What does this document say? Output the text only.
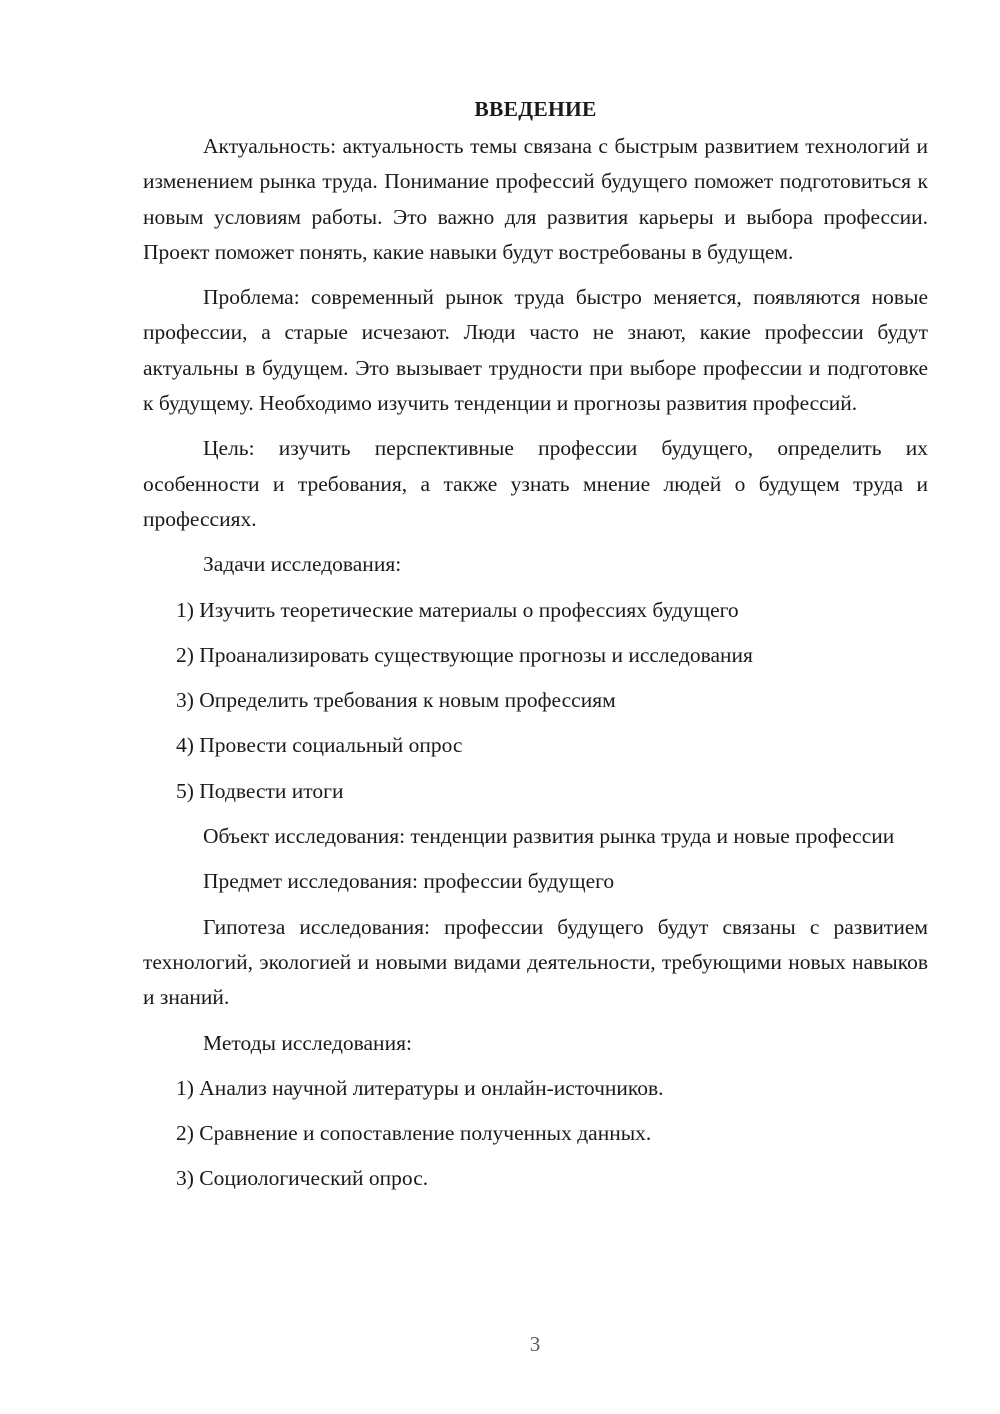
ВВЕДЕНИЕ

Актуальность: актуальность темы связана с быстрым развитием технологий и изменением рынка труда. Понимание профессий будущего поможет подготовиться к новым условиям работы. Это важно для развития карьеры и выбора профессии. Проект поможет понять, какие навыки будут востребованы в будущем.

Проблема: современный рынок труда быстро меняется, появляются новые профессии, а старые исчезают. Люди часто не знают, какие профессии будут актуальны в будущем. Это вызывает трудности при выборе профессии и подготовке к будущему. Необходимо изучить тенденции и прогнозы развития профессий.

Цель: изучить перспективные профессии будущего, определить их особенности и требования, а также узнать мнение людей о будущем труда и профессиях.

Задачи исследования:

1) Изучить теоретические материалы о профессиях будущего
2) Проанализировать существующие прогнозы и исследования
3) Определить требования к новым профессиям
4) Провести социальный опрос
5) Подвести итоги

Объект исследования: тенденции развития рынка труда и новые профессии

Предмет исследования: профессии будущего

Гипотеза исследования: профессии будущего будут связаны с развитием технологий, экологией и новыми видами деятельности, требующими новых навыков и знаний.

Методы исследования:

1) Анализ научной литературы и онлайн-источников.
2) Сравнение и сопоставление полученных данных.
3) Социологический опрос.
3
